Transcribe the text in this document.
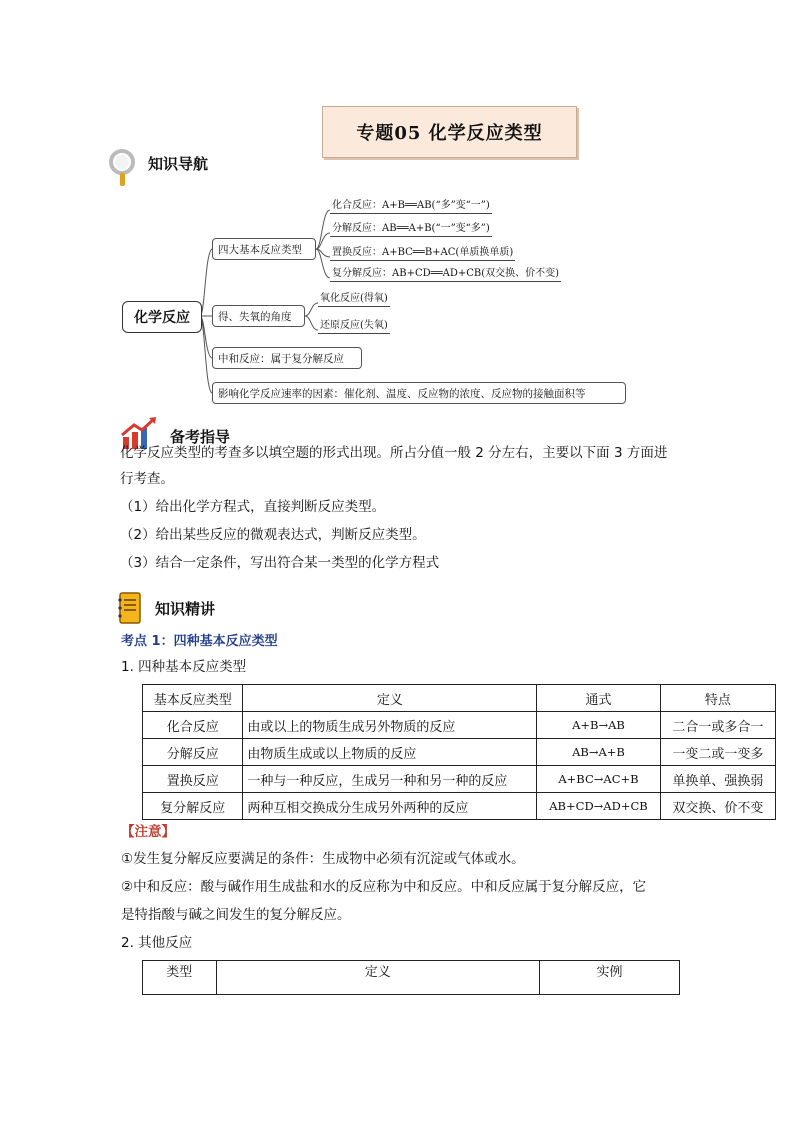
专题05 化学反应类型
知识导航
化学反应
四大基本反应类型
得、失氧的角度
中和反应：属于复分解反应
影响化学反应速率的因素：催化剂、温度、反应物的浓度、反应物的接触面积等
化合反应：A+B══AB(“多”变“一”)
分解反应：AB══A+B(“一”变“多”)
置换反应：A+BC══B+AC(单质换单质)
复分解反应：AB+CD══AD+CB(双交换、价不变)
氧化反应(得氧)
还原反应(失氧)
备考指导
化学反应类型的考查多以填空题的形式出现。所占分值一般 2 分左右，主要以下面 3 方面进
行考查。
（1）给出化学方程式，直接判断反应类型。
（2）给出某些反应的微观表达式，判断反应类型。
（3）结合一定条件，写出符合某一类型的化学方程式
知识精讲
考点 1：四种基本反应类型
1. 四种基本反应类型
基本反应类型	定义	通式	特点
化合反应	由或以上的物质生成另外物质的反应	A+B→AB	二合一或多合一
分解反应	由物质生成或以上物质的反应	AB→A+B	一变二或一变多
置换反应	一种与一种反应，生成另一种和另一种的反应	A+BC→AC+B	单换单、强换弱
复分解反应	两种互相交换成分生成另外两种的反应	AB+CD→AD+CB	双交换、价不变
【注意】
①发生复分解反应要满足的条件：生成物中必须有沉淀或气体或水。
②中和反应：酸与碱作用生成盐和水的反应称为中和反应。中和反应属于复分解反应，它
是特指酸与碱之间发生的复分解反应。
2. 其他反应
类型	定义	实例
